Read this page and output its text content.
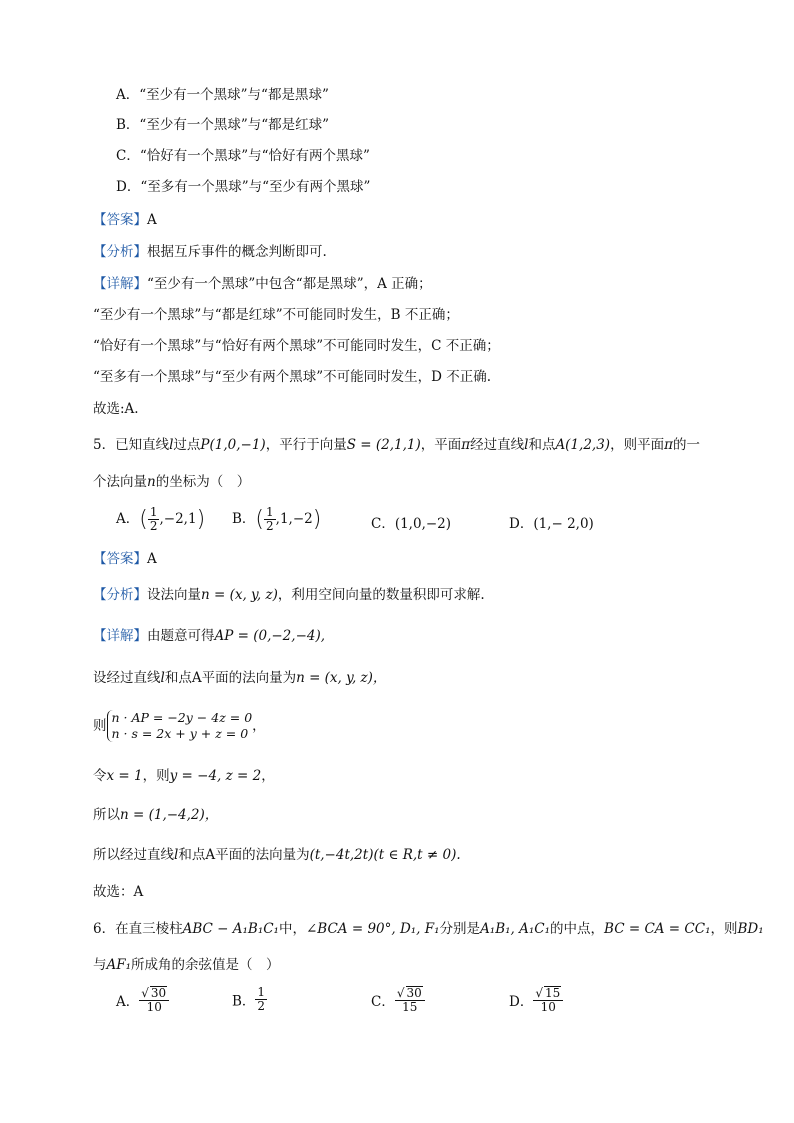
A．“至少有一个黑球”与“都是黑球”
B．“至少有一个黑球”与“都是红球”
C．“恰好有一个黑球”与“恰好有两个黑球”
D．“至多有一个黑球”与“至少有两个黑球”
【答案】A
【分析】根据互斥事件的概念判断即可.
【详解】“至少有一个黑球”中包含“都是黑球”，A 正确；
“至少有一个黑球”与“都是红球”不可能同时发生，B 不正确；
“恰好有一个黑球”与“恰好有两个黑球”不可能同时发生，C 不正确；
“至多有一个黑球”与“至少有两个黑球”不可能同时发生，D 不正确.
故选:A.
5．已知直线l过点P(1,0,−1)，平行于向量S = (2,1,1)，平面π经过直线l和点A(1,2,3)，则平面π的一
个法向量n的坐标为（　）
A．( $\frac{1}{2} ,-2,1$) B．( $\frac{1}{2} ,1,-2$)	C．(1,0,−2)	D．(1,− 2,0)
【答案】A
【分析】设法向量n = (x, y, z)，利用空间向量的数量积即可求解.
【详解】由题意可得AP = (0,−2,−4),
设经过直线l和点A平面的法向量为n = (x, y, z)，
则
n · AP = −2y − 4z = 0
n · s = 2x + y + z = 0 ，
令x = 1，则y = −4, z = 2，
所以n = (1,−4,2)，
所以经过直线l和点A平面的法向量为(t,−4t,2t)(t ∈ R,t ≠ 0).
故选：A
6．在直三棱柱ABC − A₁B₁C₁中，∠BCA = 90°, D₁, F₁分别是A₁B₁, A₁C₁的中点，BC = CA = CC₁，则BD₁
与AF₁所成角的余弦值是（　）
A． $\frac{√ 30}{10}$	B． $\frac{1}{2}$	C． $\frac{√ 30}{15}$	D． $\frac{√ 15}{10}$
